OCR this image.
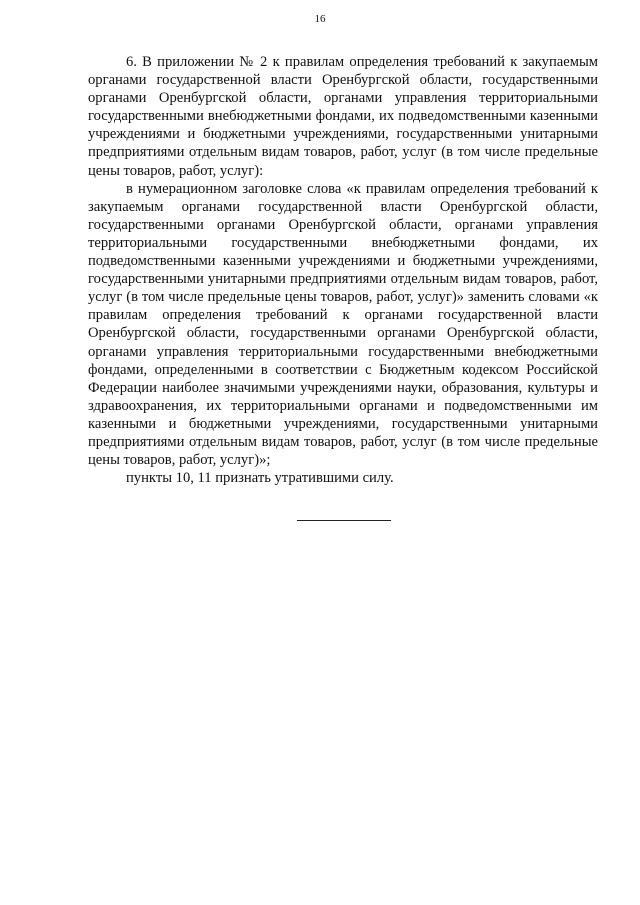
16

6. В приложении № 2 к правилам определения требований к закупаемым органами государственной власти Оренбургской области, государственными органами Оренбургской области, органами управления территориальными государственными внебюджетными фондами, их подведомственными казенными учреждениями и бюджетными учреждениями, государственными унитарными предприятиями отдельным видам товаров, работ, услуг (в том числе предельные цены товаров, работ, услуг):

в нумерационном заголовке слова «к правилам определения требований к закупаемым органами государственной власти Оренбургской области, государственными органами Оренбургской области, органами управления территориальными государственными внебюджетными фондами, их подведомственными казенными учреждениями и бюджетными учреждениями, государственными унитарными предприятиями отдельным видам товаров, работ, услуг (в том числе предельные цены товаров, работ, услуг)» заменить словами «к правилам определения требований к органами государственной власти Оренбургской области, государственными органами Оренбургской области, органами управления территориальными государственными внебюджетными фондами, определенными в соответствии с Бюджетным кодексом Российской Федерации наиболее значимыми учреждениями науки, образования, культуры и здравоохранения, их территориальными органами и подведомственными им казенными и бюджетными учреждениями, государственными унитарными предприятиями отдельным видам товаров, работ, услуг (в том числе предельные цены товаров, работ, услуг)»;

пункты 10, 11 признать утратившими силу.
